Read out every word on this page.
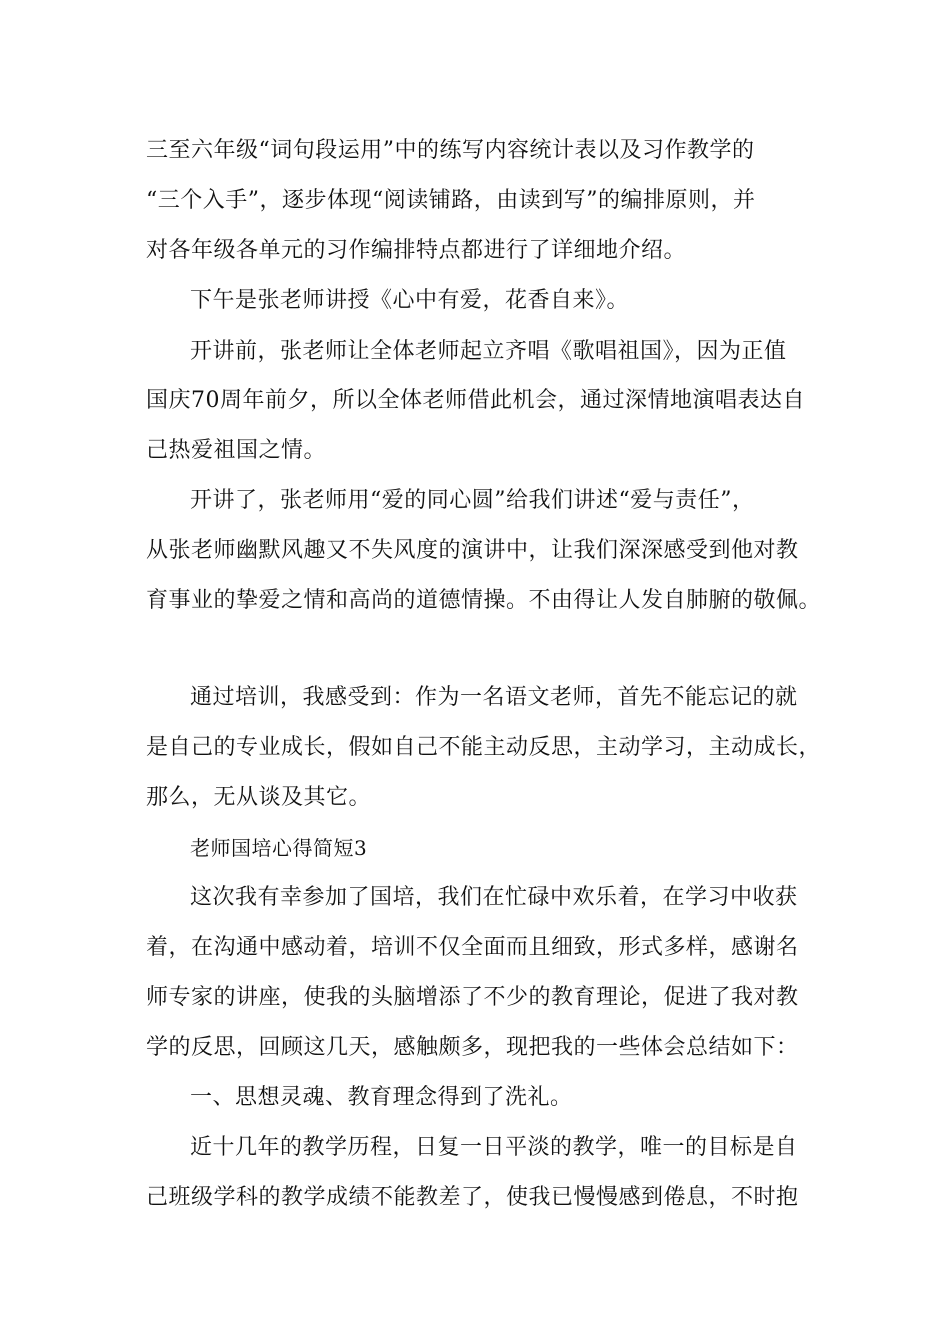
三至六年级“词句段运用”中的练写内容统计表以及习作教学的
“三个入手”，逐步体现“阅读铺路，由读到写”的编排原则，并
对各年级各单元的习作编排特点都进行了详细地介绍。
下午是张老师讲授《心中有爱，花香自来》。
开讲前，张老师让全体老师起立齐唱《歌唱祖国》，因为正值
国庆70周年前夕，所以全体老师借此机会，通过深情地演唱表达自
己热爱祖国之情。
开讲了，张老师用“爱的同心圆”给我们讲述“爱与责任”，
从张老师幽默风趣又不失风度的演讲中，让我们深深感受到他对教
育事业的挚爱之情和高尚的道德情操。不由得让人发自肺腑的敬佩。
通过培训，我感受到：作为一名语文老师，首先不能忘记的就
是自己的专业成长，假如自己不能主动反思，主动学习，主动成长，
那么，无从谈及其它。
老师国培心得简短3
这次我有幸参加了国培，我们在忙碌中欢乐着，在学习中收获
着，在沟通中感动着，培训不仅全面而且细致，形式多样，感谢名
师专家的讲座，使我的头脑增添了不少的教育理论，促进了我对教
学的反思，回顾这几天，感触颇多，现把我的一些体会总结如下：
一、思想灵魂、教育理念得到了洗礼。
近十几年的教学历程，日复一日平淡的教学，唯一的目标是自
己班级学科的教学成绩不能教差了，使我已慢慢感到倦息，不时抱
